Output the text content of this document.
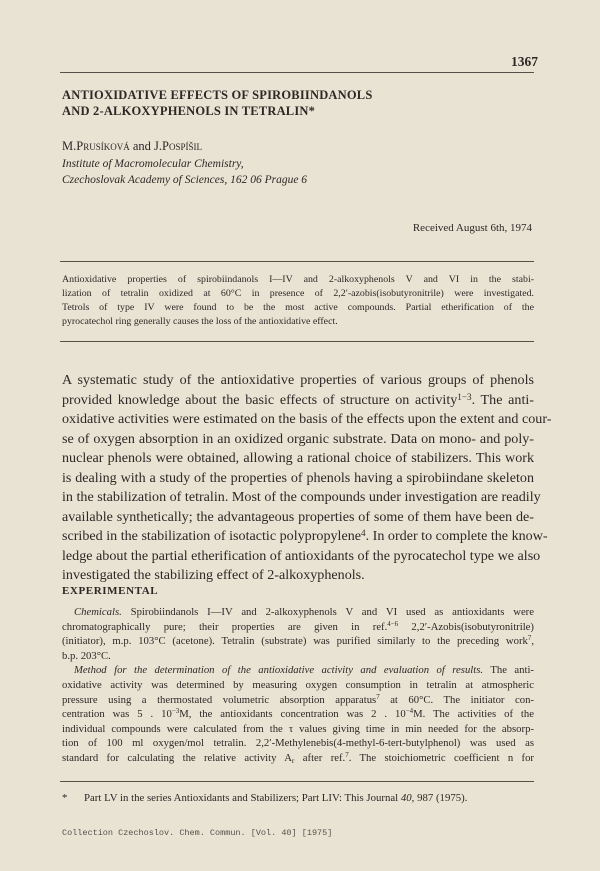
1367
ANTIOXIDATIVE EFFECTS OF SPIROBIINDANOLS
AND 2-ALKOXYPHENOLS IN TETRALIN*
M.Prusíková and J.Pospíšil
Institute of Macromolecular Chemistry,
Czechoslovak Academy of Sciences, 162 06 Prague 6
Received August 6th, 1974
Antioxidative properties of spirobiindanols I—IV and 2-alkoxyphenols V and VI in the stabi-
lization of tetralin oxidized at 60°C in presence of 2,2′-azobis(isobutyronitrile) were investigated.
Tetrols of type IV were found to be the most active compounds. Partial etherification of the
pyrocatechol ring generally causes the loss of the antioxidative effect.
A systematic study of the antioxidative properties of various groups of phenols
provided knowledge about the basic effects of structure on activity$^{1-3}$. The anti-
oxidative activities were estimated on the basis of the effects upon the extent and cour-
se of oxygen absorption in an oxidized organic substrate. Data on mono- and poly-
nuclear phenols were obtained, allowing a rational choice of stabilizers. This work
is dealing with a study of the properties of phenols having a spirobiindane skeleton
in the stabilization of tetralin. Most of the compounds under investigation are readily
available synthetically; the advantageous properties of some of them have been de-
scribed in the stabilization of isotactic polypropylene$^4$. In order to complete the know-
ledge about the partial etherification of antioxidants of the pyrocatechol type we also
investigated the stabilizing effect of 2-alkoxyphenols.
EXPERIMENTAL
Chemicals. Spirobiindanols I—IV and 2-alkoxyphenols V and VI used as antioxidants were
chromatographically pure; their properties are given in ref.$^{4-6}$ 2,2′-Azobis(isobutyronitrile)
(initiator), m.p. 103°C (acetone). Tetralin (substrate) was purified similarly to the preceding work$^7$,
b.p. 203°C.
Method for the determination of the antioxidative activity and evaluation of results. The anti-
oxidative activity was determined by measuring oxygen consumption in tetralin at atmospheric
pressure using a thermostated volumetric absorption apparatus$^7$ at 60°C. The initiator con-
centration was 5 . $10^{-3}M$, the antioxidants concentration was 2 . $10^{-4}M$. The activities of the
individual compounds were calculated from the τ values giving time in min needed for the absorp-
tion of 100 ml oxygen/mol tetralin. 2,2′-Methylenebis(4-methyl-6-tert-butylphenol) was used as
standard for calculating the relative activity Ar after ref.$^7$. The stoichiometric coefficient n for
* Part LV in the series Antioxidants and Stabilizers; Part LIV: This Journal 40, 987 (1975).
Collection Czechoslov. Chem. Commun. [Vol. 40] [1975]
